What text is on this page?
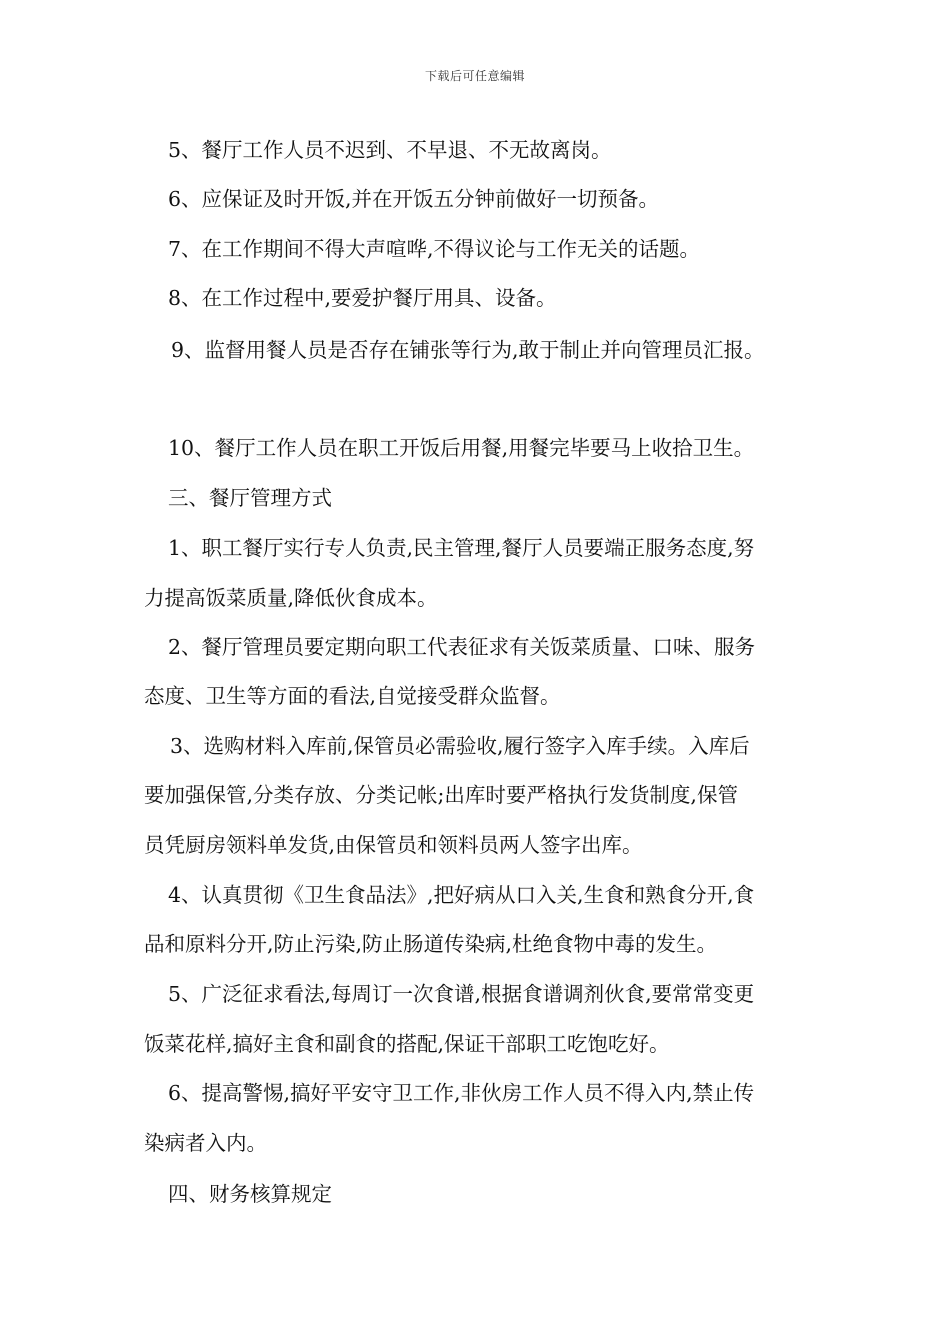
下载后可任意编辑
5、餐厅工作人员不迟到、不早退、不无故离岗。
6、应保证及时开饭,并在开饭五分钟前做好一切预备。
7、在工作期间不得大声喧哗,不得议论与工作无关的话题。
8、在工作过程中,要爱护餐厅用具、设备。
9、监督用餐人员是否存在铺张等行为,敢于制止并向管理员汇报。
10、餐厅工作人员在职工开饭后用餐,用餐完毕要马上收拾卫生。
三、餐厅管理方式
1、职工餐厅实行专人负责,民主管理,餐厅人员要端正服务态度,努
力提高饭菜质量,降低伙食成本。
2、餐厅管理员要定期向职工代表征求有关饭菜质量、口味、服务
态度、卫生等方面的看法,自觉接受群众监督。
3、选购材料入库前,保管员必需验收,履行签字入库手续。入库后
要加强保管,分类存放、分类记帐;出库时要严格执行发货制度,保管
员凭厨房领料单发货,由保管员和领料员两人签字出库。
4、认真贯彻《卫生食品法》,把好病从口入关,生食和熟食分开,食
品和原料分开,防止污染,防止肠道传染病,杜绝食物中毒的发生。
5、广泛征求看法,每周订一次食谱,根据食谱调剂伙食,要常常变更
饭菜花样,搞好主食和副食的搭配,保证干部职工吃饱吃好。
6、提高警惕,搞好平安守卫工作,非伙房工作人员不得入内,禁止传
染病者入内。
四、财务核算规定
